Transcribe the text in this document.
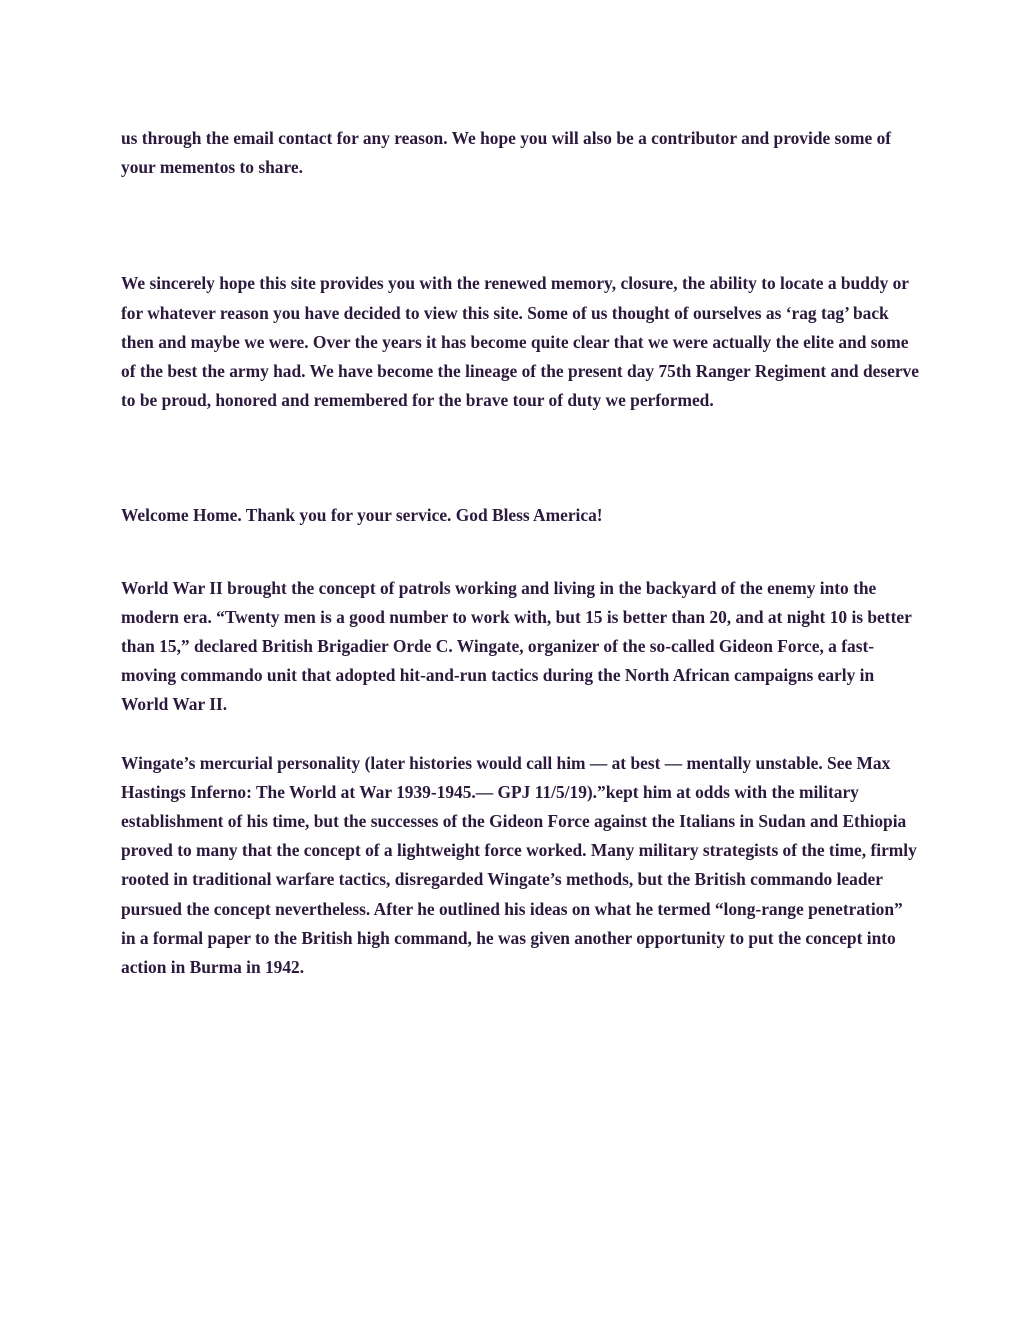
us through the email contact for any reason. We hope you will also be a contributor and provide some of your mementos to share.

We sincerely hope this site provides you with the renewed memory, closure, the ability to locate a buddy or for whatever reason you have decided to view this site. Some of us thought of ourselves as ‘rag tag’ back then and maybe we were. Over the years it has become quite clear that we were actually the elite and some of the best the army had. We have become the lineage of the present day 75th Ranger Regiment and deserve to be proud, honored and remembered for the brave tour of duty we performed.

Welcome Home. Thank you for your service. God Bless America!

World War II brought the concept of patrols working and living in the backyard of the enemy into the modern era. “Twenty men is a good number to work with, but 15 is better than 20, and at night 10 is better than 15,” declared British Brigadier Orde C. Wingate, organizer of the so-called Gideon Force, a fast-moving commando unit that adopted hit-and-run tactics during the North African campaigns early in World War II.

Wingate’s mercurial personality (later histories would call him — at best — mentally unstable. See Max Hastings Inferno: The World at War 1939-1945.— GPJ 11/5/19).”kept him at odds with the military establishment of his time, but the successes of the Gideon Force against the Italians in Sudan and Ethiopia proved to many that the concept of a lightweight force worked. Many military strategists of the time, firmly rooted in traditional warfare tactics, disregarded Wingate’s methods, but the British commando leader pursued the concept nevertheless. After he outlined his ideas on what he termed “long-range penetration” in a formal paper to the British high command, he was given another opportunity to put the concept into action in Burma in 1942.
